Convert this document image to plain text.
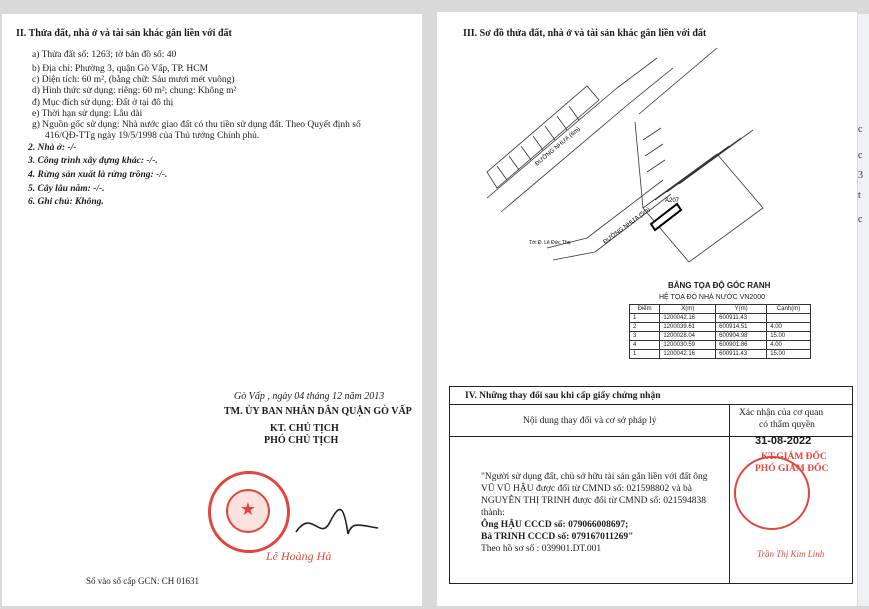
II. Thửa đất, nhà ở và tài sản khác gắn liền với đất
a) Thửa đất số: 1263; tờ bản đồ số: 40
b) Địa chỉ: Phường 3, quận Gò Vấp, TP. HCM
c) Diện tích: 60 m², (bằng chữ: Sáu mươi mét vuông)
d) Hình thức sử dụng: riêng: 60 m²; chung: Không m²
đ) Mục đích sử dụng: Đất ở tại đô thị
e) Thời hạn sử dụng: Lâu dài
g) Nguồn gốc sử dụng: Nhà nước giao đất có thu tiền sử dụng đất. Theo Quyết định số
416/QĐ-TTg ngày 19/5/1998 của Thủ tướng Chính phủ.
2. Nhà ở: -/-
3. Công trình xây dựng khác: -/-.
4. Rừng sản xuất là rừng trồng: -/-.
5. Cây lâu năm: -/-.
6. Ghi chú: Không.
Gò Vấp , ngày 04 tháng 12 năm 2013
TM. ỦY BAN NHÂN DÂN QUẬN GÒ VẤP
KT. CHỦ TỊCH
PHÓ CHỦ TỊCH
★
Lê Hoàng Hà
Số vào sổ cấp GCN: CH 01631
III. Sơ đồ thửa đất, nhà ở và tài sản khác gắn liền với đất
A207
ĐƯỜNG NHỰA (6m)
ĐƯỜNG NHỰA (5m)
Tới Đ. Lê Đức Thọ
BẢNG TỌA ĐỘ GÓC RANH
HỆ TỌA ĐỘ NHÀ NƯỚC VN2000
Điểm	X(m)	Y(m)	Cạnh(m)
1	1200042.16	600911.43	
2	1200039.61	600914.51	4.00
3	1200028.04	600904.98	15.00
4	1200030.59	600901.86	4.00
1	1200042.16	600911.43	15.00
IV. Những thay đổi sau khi cấp giấy chứng nhận
Nội dung thay đổi và cơ sở pháp lý
Xác nhận của cơ quan
có thẩm quyền
"Người sử dụng đất, chủ sở hữu tài sản gắn liền với đất ông
VŨ VŨ HẬU được đổi từ CMND số: 021598802 và bà
NGUYỄN THỊ TRINH được đổi từ CMND số: 021594838
thành:
Ông HẬU CCCD số: 079066008697;
Bà TRINH CCCD số: 079167011269"
Theo hồ sơ số : 039901.DT.001
31-08-2022
KT.GIÁM ĐỐC
PHÓ GIÁM ĐỐC
Trần Thị Kim Linh
c
c
3
t
c
